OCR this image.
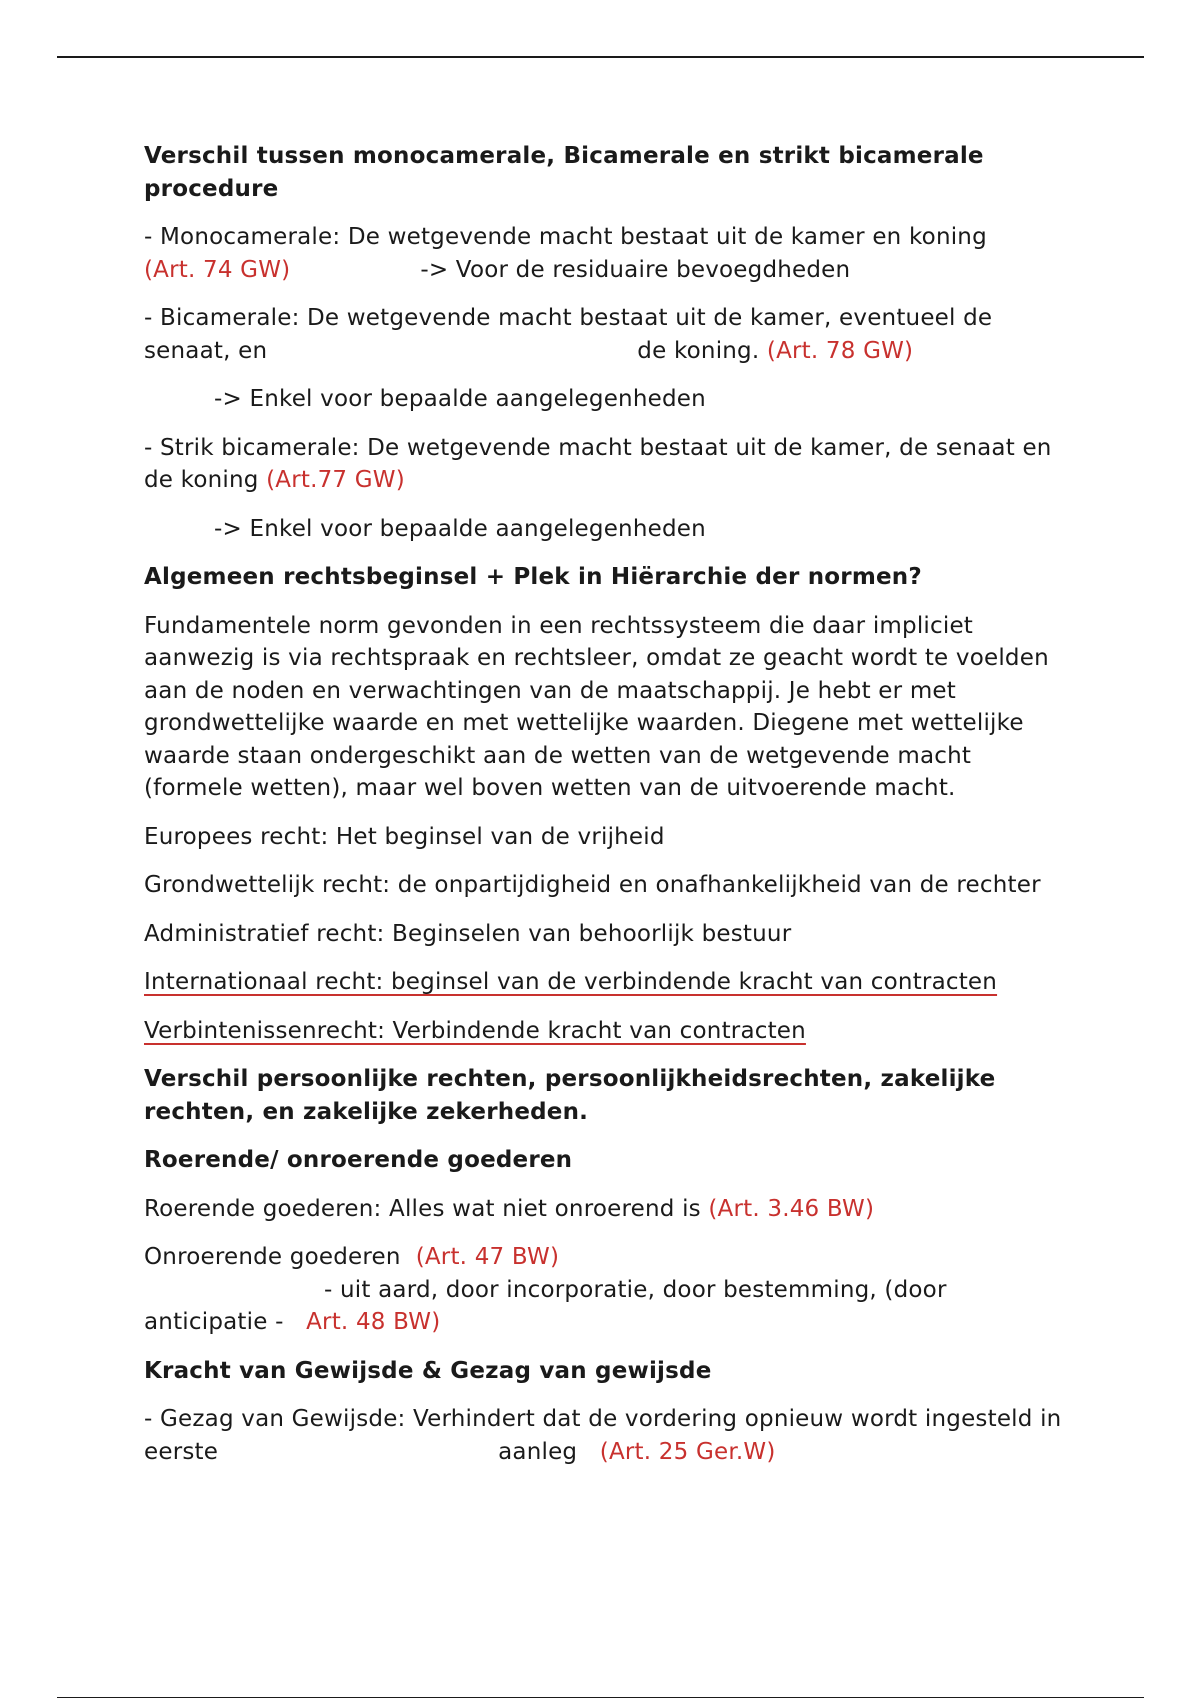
Verschil tussen monocamerale, Bicamerale en strikt bicamerale procedure

- Monocamerale: De wetgevende macht bestaat uit de kamer en koning
(Art. 74 GW)	-> Voor de residuaire bevoegdheden

- Bicamerale: De wetgevende macht bestaat uit de kamer, eventueel de senaat, en	de koning. (Art. 78 GW)

-> Enkel voor bepaalde aangelegenheden

- Strik bicamerale: De wetgevende macht bestaat uit de kamer, de senaat en de koning (Art.77 GW)

-> Enkel voor bepaalde aangelegenheden

Algemeen rechtsbeginsel + Plek in Hiërarchie der normen?

Fundamentele norm gevonden in een rechtssysteem die daar impliciet aanwezig is via rechtspraak en rechtsleer, omdat ze geacht wordt te voelden aan de noden en verwachtingen van de maatschappij. Je hebt er met grondwettelijke waarde en met wettelijke waarden. Diegene met wettelijke waarde staan ondergeschikt aan de wetten van de wetgevende macht (formele wetten), maar wel boven wetten van de uitvoerende macht.

Europees recht: Het beginsel van de vrijheid

Grondwettelijk recht: de onpartijdigheid en onafhankelijkheid van de rechter

Administratief recht: Beginselen van behoorlijk bestuur

Internationaal recht: beginsel van de verbindende kracht van contracten

Verbintenissenrecht: Verbindende kracht van contracten

Verschil persoonlijke rechten, persoonlijkheidsrechten, zakelijke rechten, en zakelijke zekerheden.

Roerende/ onroerende goederen

Roerende goederen: Alles wat niet onroerend is (Art. 3.46 BW)

Onroerende goederen (Art. 47 BW)
- uit aard, door incorporatie, door bestemming, (door
anticipatie - Art. 48 BW)

Kracht van Gewijsde & Gezag van gewijsde

- Gezag van Gewijsde: Verhindert dat de vordering opnieuw wordt ingesteld in eerste	aanleg (Art. 25 Ger.W)
